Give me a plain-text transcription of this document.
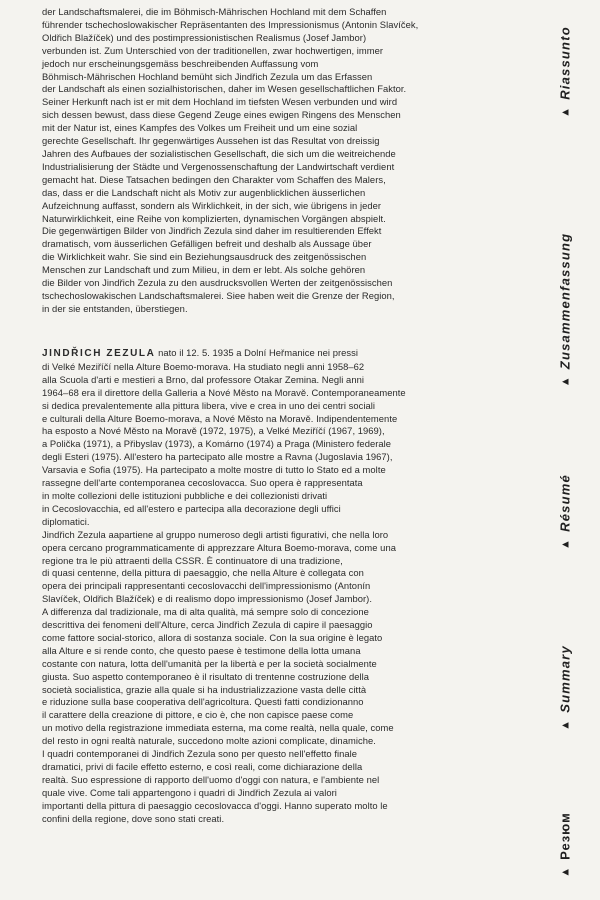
der Landschaftsmalerei, die im Böhmisch-Mährischen Hochland mit dem Schaffen
führender tschechoslowakischer Repräsentanten des Impressionismus (Antonin Slavíček,
Oldřich Blažíček) und des postimpressionistischen Realismus (Josef Jambor)
verbunden ist. Zum Unterschied von der traditionellen, zwar hochwertigen, immer
jedoch nur erscheinungsgemäss beschreibenden Auffassung vom
Böhmisch-Mährischen Hochland bemüht sich Jindřich Zezula um das Erfassen
der Landschaft als einen sozialhistorischen, daher im Wesen gesellschaftlichen Faktor.
Seiner Herkunft nach ist er mit dem Hochland im tiefsten Wesen verbunden und wird
sich dessen bewust, dass diese Gegend Zeuge eines ewigen Ringens des Menschen
mit der Natur ist, eines Kampfes des Volkes um Freiheit und um eine sozial
gerechte Gesellschaft. Ihr gegenwärtiges Aussehen ist das Resultat von dreissig
Jahren des Aufbaues der sozialistischen Gesellschaft, die sich um die weitreichende
Industrialisierung der Städte und Vergenossenschaftung der Landwirtschaft verdient
gemacht hat. Diese Tatsachen bedingen den Charakter vom Schaffen des Malers,
das, dass er die Landschaft nicht als Motiv zur augenblicklichen äusserlichen
Aufzeichnung auffasst, sondern als Wirklichkeit, in der sich, wie übrigens in jeder
Naturwirklichkeit, eine Reihe von komplizierten, dynamischen Vorgängen abspielt.
Die gegenwärtigen Bilder von Jindřich Zezula sind daher im resultierenden Effekt
dramatisch, vom äusserlichen Gefälligen befreit und deshalb als Aussage über
die Wirklichkeit wahr. Sie sind ein Beziehungsausdruck des zeitgenössischen
Menschen zur Landschaft und zum Milieu, in dem er lebt. Als solche gehören
die Bilder von Jindřich Zezula zu den ausdrucksvollen Werten der zeitgenössischen
tschechoslowakischen Landschaftsmalerei. Siee haben weit die Grenze der Region,
in der sie entstanden, überstiegen.

JINDŘICH ZEZULA nato il 12. 5. 1935 a Dolní Heřmanice nei pressi
di Velké Meziříčí nella Alture Boemo-morava. Ha studiato negli anni 1958–62
alla Scuola d'arti e mestieri a Brno, dal professore Otakar Zemina. Negli anni
1964–68 era il direttore della Galleria a Nové Město na Moravě. Contemporaneamente
si dedica prevalentemente alla pittura libera, vive e crea in uno dei centri sociali
e culturali della Alture Boemo-morava, a Nové Město na Moravě. Indipendentemente
ha esposto a Nové Město na Moravě (1972, 1975), a Velké Meziříčí (1967, 1969),
a Polička (1971), a Přibyslav (1973), a Komárno (1974) a Praga (Ministero federale
degli Esteri (1975). All'estero ha partecipato alle mostre a Ravna (Jugoslavia 1967),
Varsavia e Sofia (1975). Ha partecipato a molte mostre di tutto lo Stato ed a molte
rassegne dell'arte contemporanea cecoslovacca. Suo opera è rappresentata
in molte collezioni delle istituzioni pubbliche e dei collezionisti drivati
in Cecoslovacchia, ed all'estero e partecipa alla decorazione degli uffici
diplomatici.
Jindřich Zezula aapartiene al gruppo numeroso degli artisti figurativi, che nella loro
opera cercano programmaticamente di apprezzare Altura Boemo-morava, come una
regione tra le più attraenti della CSSR. È continuatore di una tradizione,
di quasi centenne, della pittura di paesaggio, che nella Alture è collegata con
opera dei principali rappresentanti cecoslovacchi dell'impressionismo (Antonín
Slavíček, Oldřich Blažíček) e di realismo dopo impressionismo (Josef Jambor).
A differenza dal tradizionale, ma di alta qualità, má sempre solo di concezione
descrittiva dei fenomeni dell'Alture, cerca Jindřich Zezula di capire il paesaggio
come fattore social-storico, allora di sostanza sociale. Con la sua origine è legato
alla Alture e si rende conto, che questo paese è testimone della lotta umana
costante con natura, lotta dell'umanità per la libertà e per la società socialmente
giusta. Suo aspetto contemporaneo è il risultato di trentenne costruzione della
società socialistica, grazie alla quale si ha industrializzazione vasta delle città
e riduzione sulla base cooperativa dell'agricoltura. Questi fatti condizionanno
il carattere della creazione di pittore, e cio è, che non capisce paese come
un motivo della registrazione immediata esterna, ma come realtà, nella quale, come
del resto in ogni realtà naturale, succedono molte azioni complicate, dinamiche.
I quadri contemporanei di Jindřich Zezula sono per questo nell'effetto finale
dramatici, privi di facile effetto esterno, e così reali, come dichiarazione della
realtà. Suo espressione di rapporto dell'uomo d'oggi con natura, e l'ambiente nel
quale vive. Come tali appartengono i quadri di Jindřich Zezula ai valori
importanti della pittura di paesaggio cecoslovacca d'oggi. Hanno superato molto le
confini della regione, dove sono stati creati.

▲
Riassunto
▲
Zusammenfassung
▲
Résumé
▲
Summary
▲
Резюм
